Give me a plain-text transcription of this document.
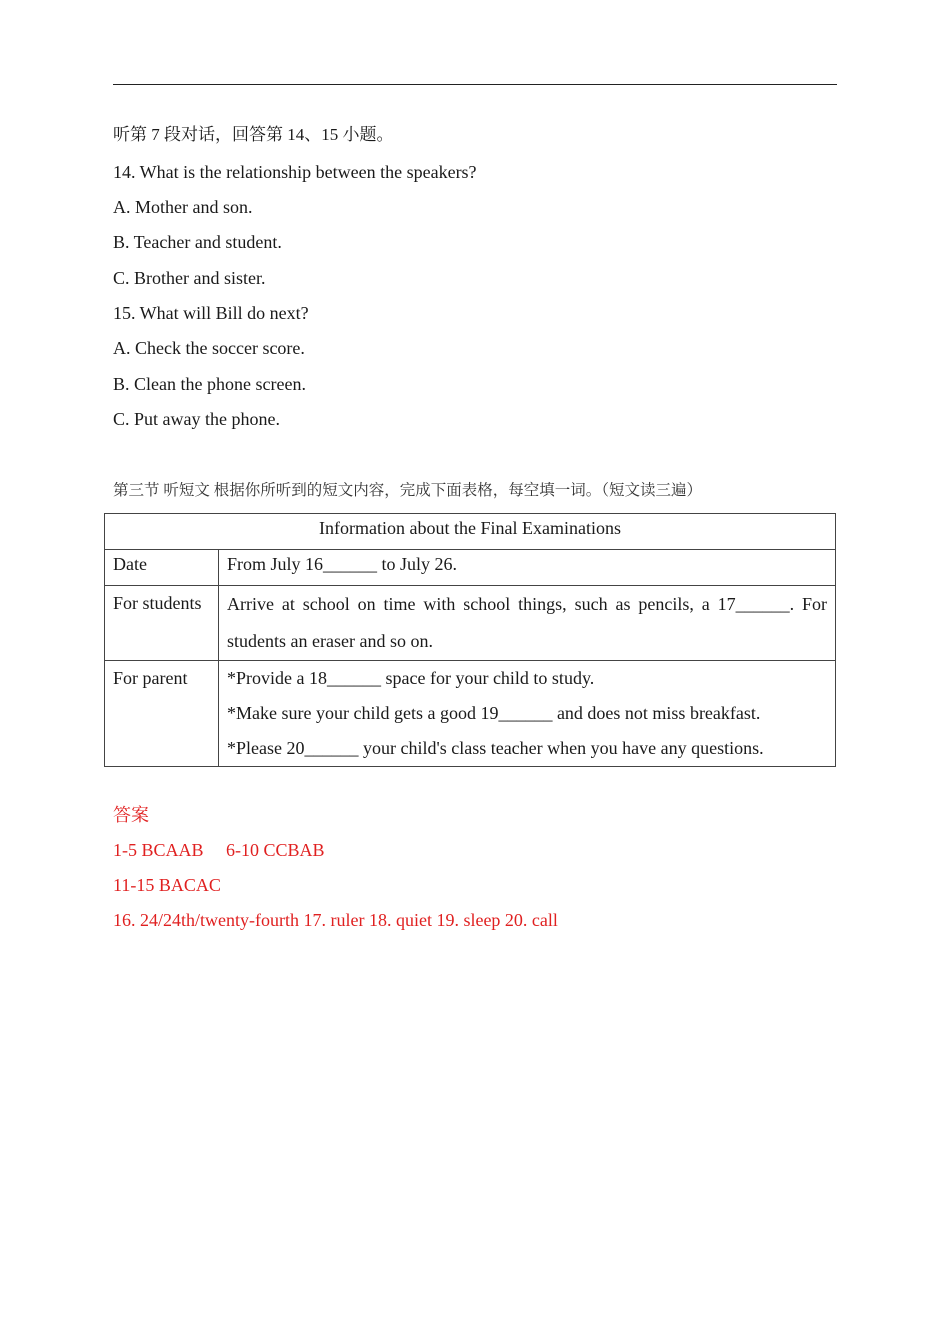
听第 7 段对话，回答第 14、15 小题。
14. What is the relationship between the speakers?
A. Mother and son.
B. Teacher and student.
C. Brother and sister.
15. What will Bill do next?
A. Check the soccer score.
B. Clean the phone screen.
C. Put away the phone.
第三节 听短文 根据你所听到的短文内容，完成下面表格，每空填一词。（短文读三遍）
Information about the Final Examinations	

Date	From July 16______ to July 26.

For students	Arrive at school on time with school things, such as pencils, a 17______. For students an eraser and so on.

For parent	*Provide a 18______ space for your child to study.
*Make sure your child gets a good 19______ and does not miss breakfast.
*Please 20______ your child's class teacher when you have any questions.
答案
1-5 BCAAB     6-10 CCBAB
11-15 BACAC
16. 24/24th/twenty-fourth 17. ruler 18. quiet 19. sleep 20. call
